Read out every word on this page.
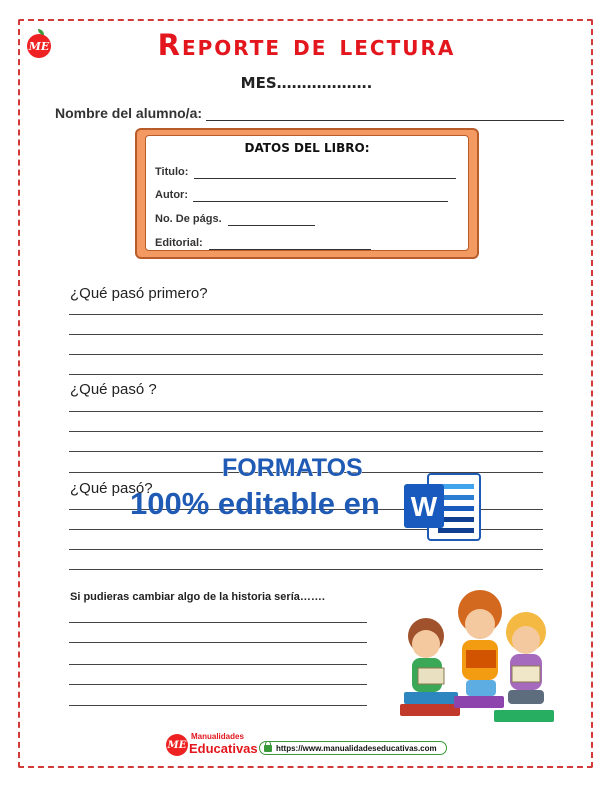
ME	Reporte de lectura
MES……………….
Nombre del alumno/a:
DATOS DEL LIBRO:
Titulo:
Autor:
No. De págs.
Editorial:
¿Qué pasó primero?
¿Qué pasó ?
¿Qué pasó?
Si pudieras cambiar algo de la historia sería…….
FORMATOS
100% editable en W
ME
Manualidades
Educativas https://www.manualidadeseducativas.com
